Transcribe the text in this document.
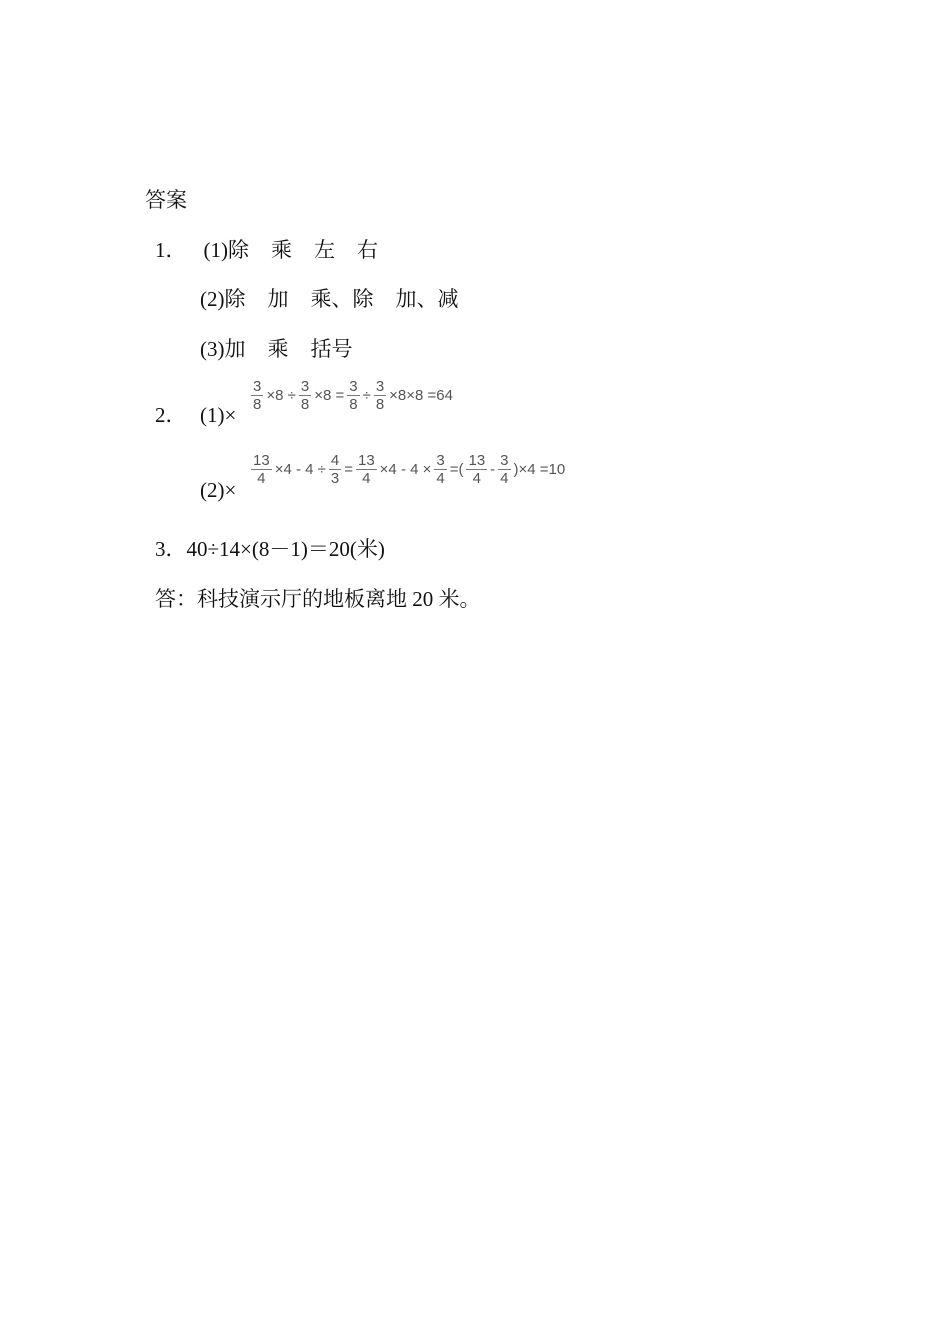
答案
1． (1)除 乘 左 右
(2)除 加 乘、除 加、减
(3)加 乘 括号
2． (1)×
$\frac{3}{8} \times 8 \div \frac{3}{8} \times 8 = \frac{3}{8} \div \frac{3}{8} \times 8\times 8 =64$
(2)×
$\frac{13}{4} \times 4 - 4 \div \frac{4}{3} = \frac{13}{4} \times 4 - 4 \times \frac{3}{4}$ =( $\frac{13}{4} - \frac{3}{4} )\times 4 =10$
3．40÷14×(8－1)＝20(米)
答：科技演示厅的地板离地 20 米。
